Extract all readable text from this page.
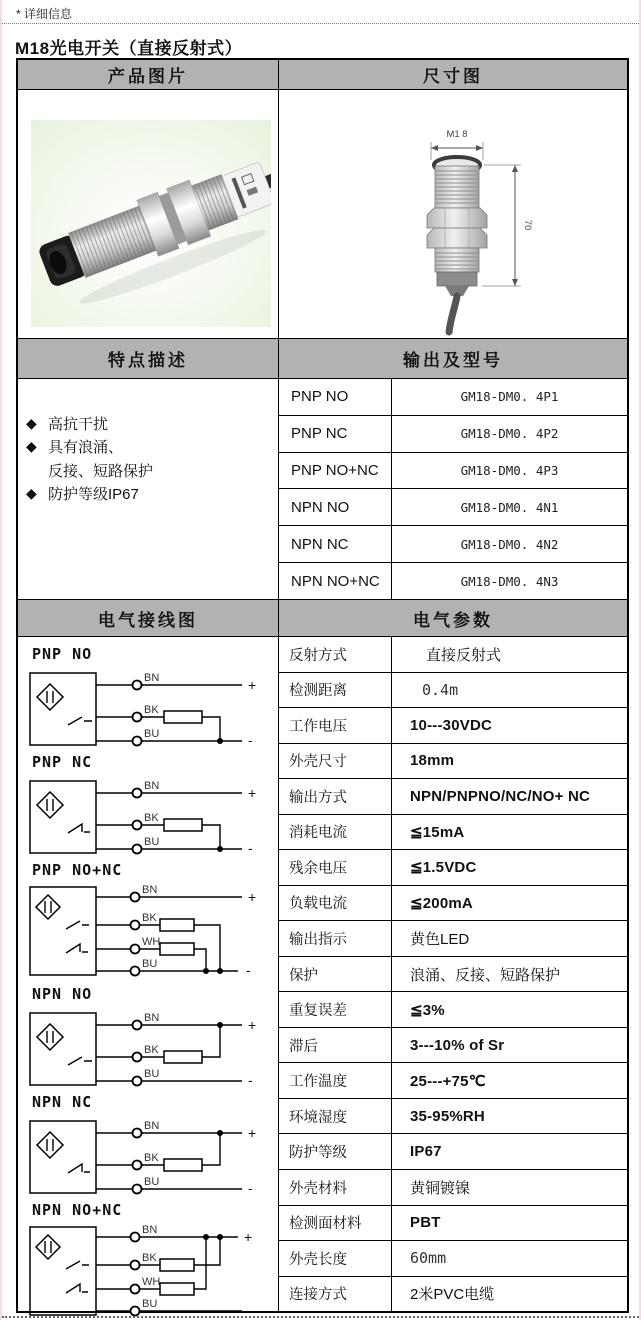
* 详细信息
M18光电开关（直接反射式）
产品图片	尺寸图
M1 8
70
特点描述	输出及型号
◆ 高抗干扰
◆ 具有浪涌、
反接、短路保护
◆ 防护等级IP67
PNP NO	GM18-DM0. 4P1
PNP NC	GM18-DM0. 4P2
PNP NO+NC	GM18-DM0. 4P3
NPN NO	GM18-DM0. 4N1
NPN NC	GM18-DM0. 4N2
NPN NO+NC	GM18-DM0. 4N3
电气接线图	电气参数
PNP NO
BN	+
BK
BU	-
PNP NC
BN	+
BK
BU	-
PNP NO+NC
BN	+
BK
WH
BU	-
NPN NO
BN	+
BK
BU	-
NPN NC
BN	+
BK
BU	-
NPN NO+NC
BN	+
BK
WH
BU
反射方式	直接反射式
检测距离	0.4m
工作电压	10---30VDC
外壳尺寸	18mm
输出方式	NPN/PNPNO/NC/NO+ NC
消耗电流	≦15mA
残余电压	≦1.5VDC
负载电流	≦200mA
输出指示	黄色LED
保护	浪涌、反接、短路保护
重复误差	≦3%
滞后	3---10% of Sr
工作温度	25---+75℃
环境湿度	35-95%RH
防护等级	IP67
外壳材料	黄铜镀镍
检测面材料	PBT
外壳长度	60mm
连接方式	2米PVC电缆
